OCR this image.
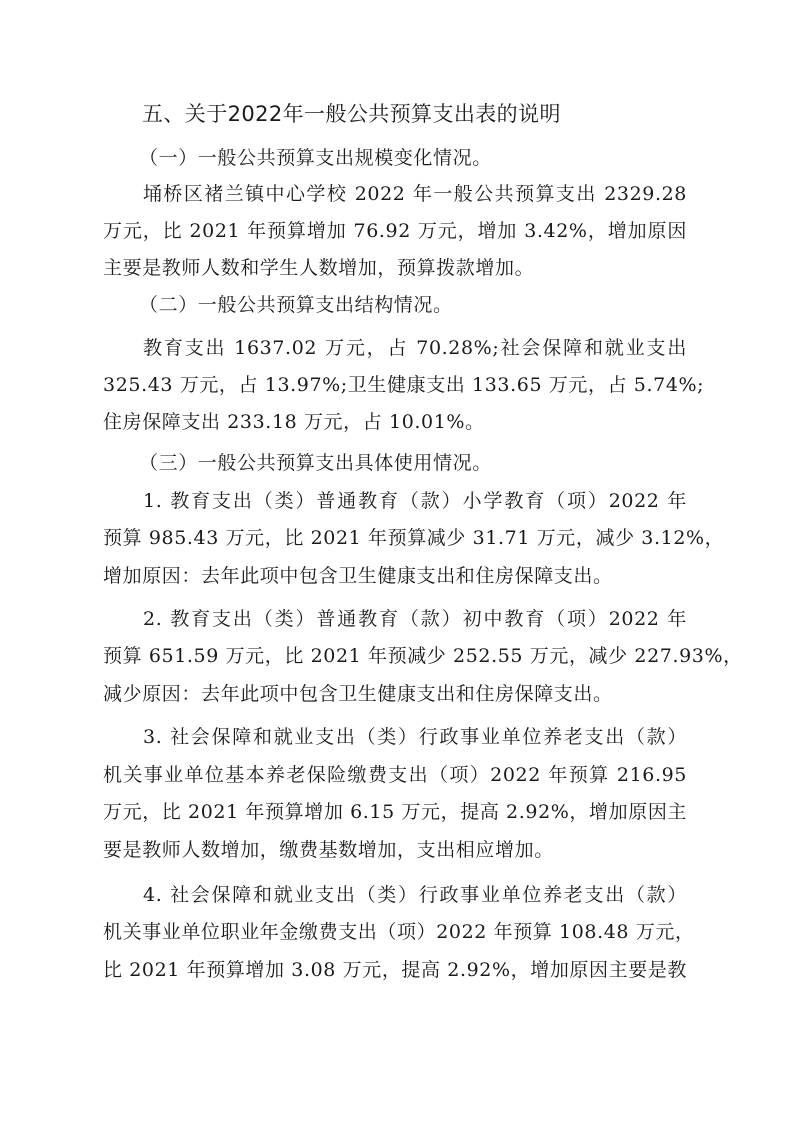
五、关于2022年一般公共预算支出表的说明
（一）一般公共预算支出规模变化情况。
埇桥区褚兰镇中心学校 2022 年一般公共预算支出 2329.28
万元，比 2021 年预算增加 76.92 万元，增加 3.42%，增加原因
主要是教师人数和学生人数增加，预算拨款增加。
（二）一般公共预算支出结构情况。
教育支出 1637.02 万元，占 70.28%;社会保障和就业支出
325.43 万元，占 13.97%;卫生健康支出 133.65 万元，占 5.74%;
住房保障支出 233.18 万元，占 10.01%。
（三）一般公共预算支出具体使用情况。
1. 教育支出（类）普通教育（款）小学教育（项）2022 年
预算 985.43 万元，比 2021 年预算减少 31.71 万元，减少 3.12%，
增加原因：去年此项中包含卫生健康支出和住房保障支出。
2. 教育支出（类）普通教育（款）初中教育（项）2022 年
预算 651.59 万元，比 2021 年预减少 252.55 万元，减少 227.93%，
减少原因：去年此项中包含卫生健康支出和住房保障支出。
3. 社会保障和就业支出（类）行政事业单位养老支出（款）
机关事业单位基本养老保险缴费支出（项）2022 年预算 216.95
万元，比 2021 年预算增加 6.15 万元，提高 2.92%，增加原因主
要是教师人数增加，缴费基数增加，支出相应增加。
4. 社会保障和就业支出（类）行政事业单位养老支出（款）
机关事业单位职业年金缴费支出（项）2022 年预算 108.48 万元，
比 2021 年预算增加 3.08 万元，提高 2.92%，增加原因主要是教
